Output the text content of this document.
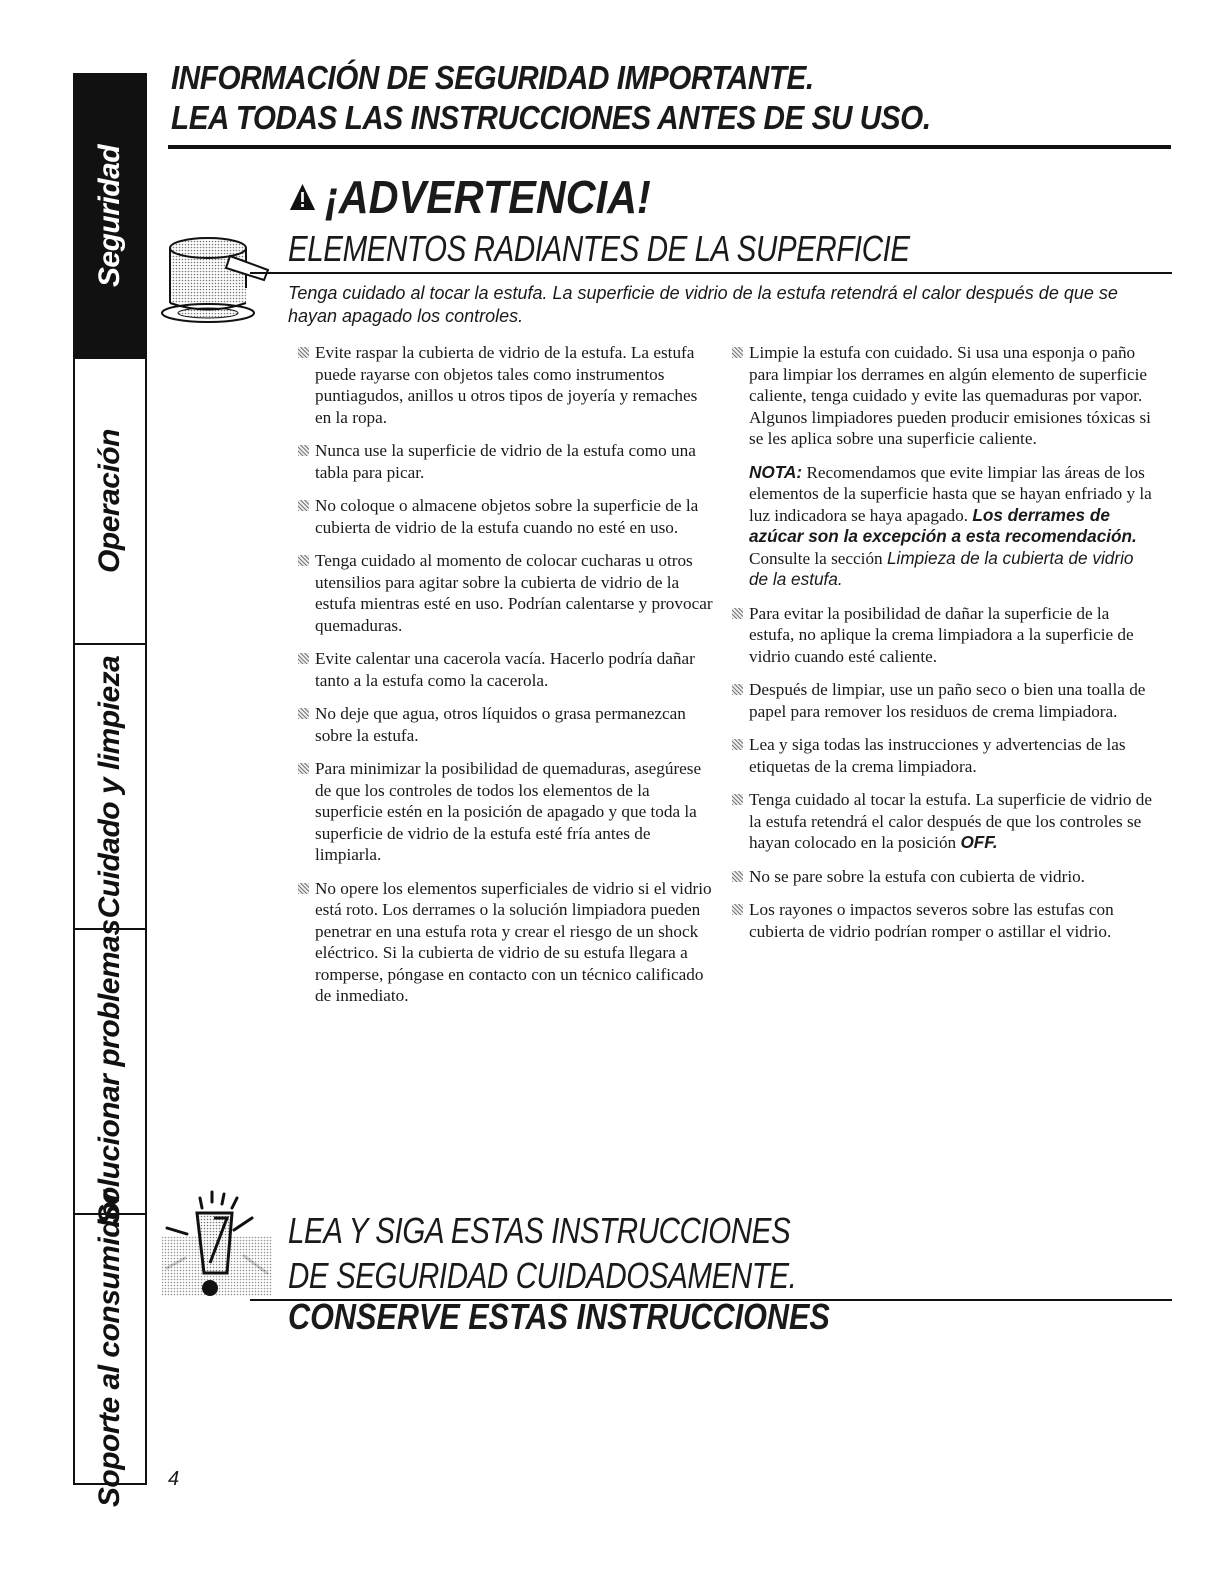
Seguridad
Operación
Cuidado y limpieza
Solucionar problemas
Soporte al consumidor

INFORMACIÓN DE SEGURIDAD IMPORTANTE.

LEA TODAS LAS INSTRUCCIONES ANTES DE SU USO.

¡ADVERTENCIA!
ELEMENTOS RADIANTES DE LA SUPERFICIE
Tenga cuidado al tocar la estufa. La superficie de vidrio de la estufa retendrá el calor después de que se hayan apagado los controles.

Evite raspar la cubierta de vidrio de la estufa. La estufa puede rayarse con objetos tales como instrumentos puntiagudos, anillos u otros tipos de joyería y remaches en la ropa.

Nunca use la superficie de vidrio de la estufa como una tabla para picar.

No coloque o almacene objetos sobre la superficie de la cubierta de vidrio de la estufa cuando no esté en uso.

Tenga cuidado al momento de colocar cucharas u otros utensilios para agitar sobre la cubierta de vidrio de la estufa mientras esté en uso. Podrían calentarse y provocar quemaduras.

Evite calentar una cacerola vacía. Hacerlo podría dañar tanto a la estufa como la cacerola.

No deje que agua, otros líquidos o grasa permanezcan sobre la estufa.

Para minimizar la posibilidad de quemaduras, asegúrese de que los controles de todos los elementos de la superficie estén en la posición de apagado y que toda la superficie de vidrio de la estufa esté fría antes de limpiarla.

No opere los elementos superficiales de vidrio si el vidrio está roto. Los derrames o la solución limpiadora pueden penetrar en una estufa rota y crear el riesgo de un shock eléctrico. Si la cubierta de vidrio de su estufa llegara a romperse, póngase en contacto con un técnico calificado de inmediato.

Limpie la estufa con cuidado. Si usa una esponja o paño para limpiar los derrames en algún elemento de superficie caliente, tenga cuidado y evite las quemaduras por vapor. Algunos limpiadores pueden producir emisiones tóxicas si se les aplica sobre una superficie caliente.

NOTA: Recomendamos que evite limpiar las áreas de los elementos de la superficie hasta que se hayan enfriado y la luz indicadora se haya apagado. Los derrames de azúcar son la excepción a esta recomendación. Consulte la sección Limpieza de la cubierta de vidrio de la estufa.

Para evitar la posibilidad de dañar la superficie de la estufa, no aplique la crema limpiadora a la superficie de vidrio cuando esté caliente.

Después de limpiar, use un paño seco o bien una toalla de papel para remover los residuos de crema limpiadora.

Lea y siga todas las instrucciones y advertencias de las etiquetas de la crema limpiadora.

Tenga cuidado al tocar la estufa. La superficie de vidrio de la estufa retendrá el calor después de que los controles se hayan colocado en la posición OFF.

No se pare sobre la estufa con cubierta de vidrio.

Los rayones o impactos severos sobre las estufas con cubierta de vidrio podrían romper o astillar el vidrio.

LEA Y SIGA ESTAS INSTRUCCIONES
DE SEGURIDAD CUIDADOSAMENTE.
CONSERVE ESTAS INSTRUCCIONES
4
